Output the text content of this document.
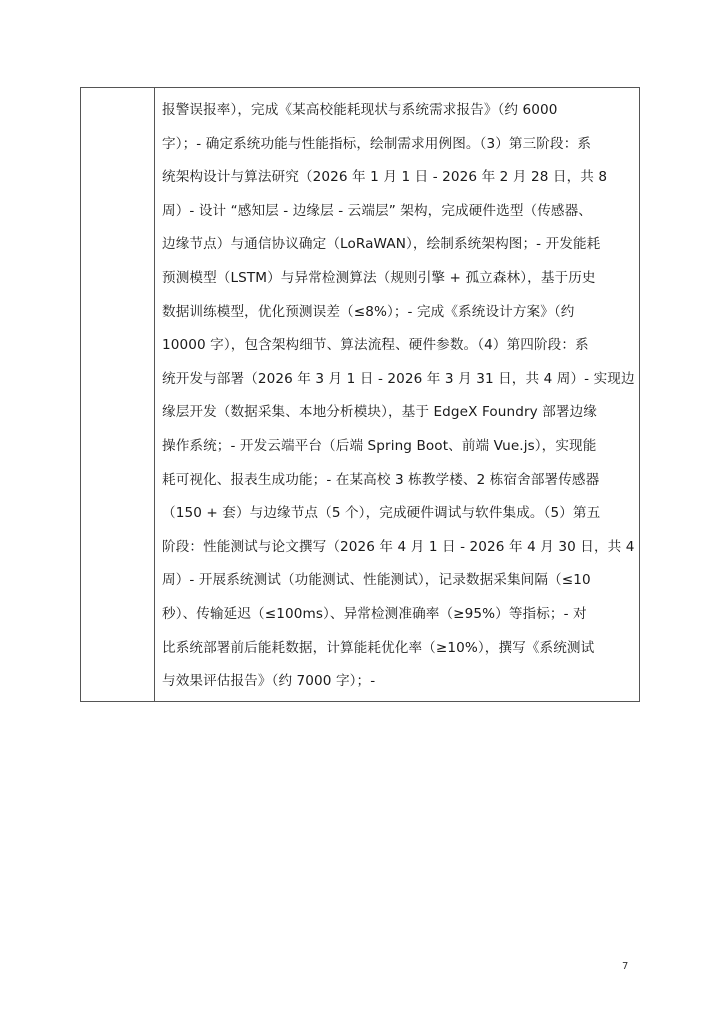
报警误报率），完成《某高校能耗现状与系统需求报告》（约 6000
字）；- 确定系统功能与性能指标，绘制需求用例图。（3）第三阶段：系
统架构设计与算法研究（2026 年 1 月 1 日 - 2026 年 2 月 28 日，共 8
周）- 设计 “感知层 - 边缘层 - 云端层” 架构，完成硬件选型（传感器、
边缘节点）与通信协议确定（LoRaWAN），绘制系统架构图；- 开发能耗
预测模型（LSTM）与异常检测算法（规则引擎 + 孤立森林），基于历史
数据训练模型，优化预测误差（≤8%）；- 完成《系统设计方案》（约
10000 字），包含架构细节、算法流程、硬件参数。（4）第四阶段：系
统开发与部署（2026 年 3 月 1 日 - 2026 年 3 月 31 日，共 4 周）- 实现边
缘层开发（数据采集、本地分析模块），基于 EdgeX Foundry 部署边缘
操作系统；- 开发云端平台（后端 Spring Boot、前端 Vue.js），实现能
耗可视化、报表生成功能；- 在某高校 3 栋教学楼、2 栋宿舍部署传感器
（150 + 套）与边缘节点（5 个），完成硬件调试与软件集成。（5）第五
阶段：性能测试与论文撰写（2026 年 4 月 1 日 - 2026 年 4 月 30 日，共 4
周）- 开展系统测试（功能测试、性能测试），记录数据采集间隔（≤10
秒）、传输延迟（≤100ms）、异常检测准确率（≥95%）等指标；- 对
比系统部署前后能耗数据，计算能耗优化率（≥10%），撰写《系统测试
与效果评估报告》（约 7000 字）；-
7
